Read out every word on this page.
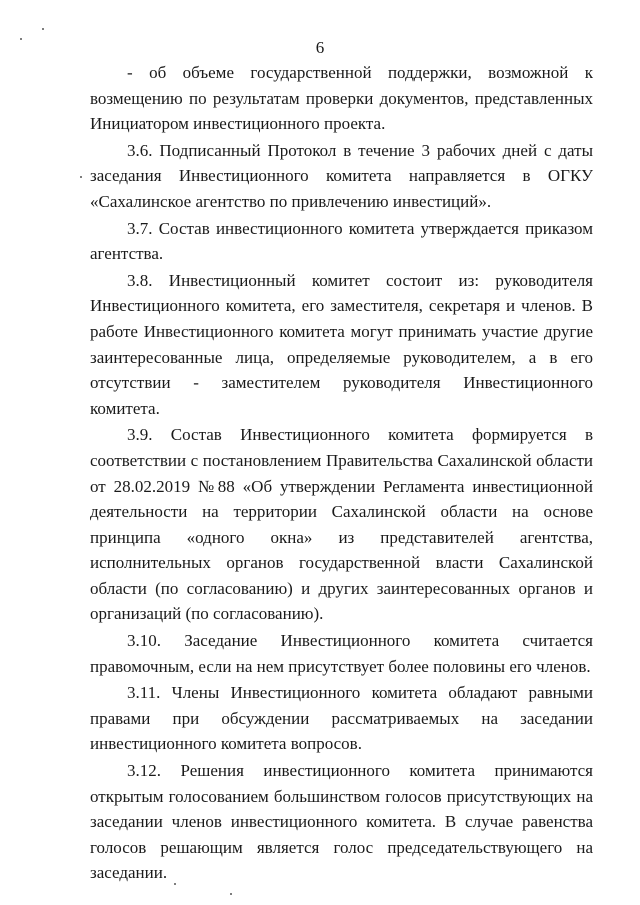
6

- об объеме государственной поддержки, возможной к возмещению по результатам проверки документов, представленных Инициатором инвестиционного проекта.

3.6. Подписанный Протокол в течение 3 рабочих дней с даты заседания Инвестиционного комитета направляется в ОГКУ «Сахалинское агентство по привлечению инвестиций».

3.7. Состав инвестиционного комитета утверждается приказом агентства.

3.8. Инвестиционный комитет состоит из: руководителя Инвестиционного комитета, его заместителя, секретаря и членов. В работе Инвестиционного комитета могут принимать участие другие заинтересованные лица, определяемые руководителем, а в его отсутствии - заместителем руководителя Инвестиционного комитета.

3.9. Состав Инвестиционного комитета формируется в соответствии с постановлением Правительства Сахалинской области от 28.02.2019 №88 «Об утверждении Регламента инвестиционной деятельности на территории Сахалинской области на основе принципа «одного окна» из представителей агентства, исполнительных органов государственной власти Сахалинской области (по согласованию) и других заинтересованных органов и организаций (по согласованию).

3.10. Заседание Инвестиционного комитета считается правомочным, если на нем присутствует более половины его членов.

3.11. Члены Инвестиционного комитета обладают равными правами при обсуждении рассматриваемых на заседании инвестиционного комитета вопросов.

3.12. Решения инвестиционного комитета принимаются открытым голосованием большинством голосов присутствующих на заседании членов инвестиционного комитета. В случае равенства голосов решающим является голос председательствующего на заседании.
